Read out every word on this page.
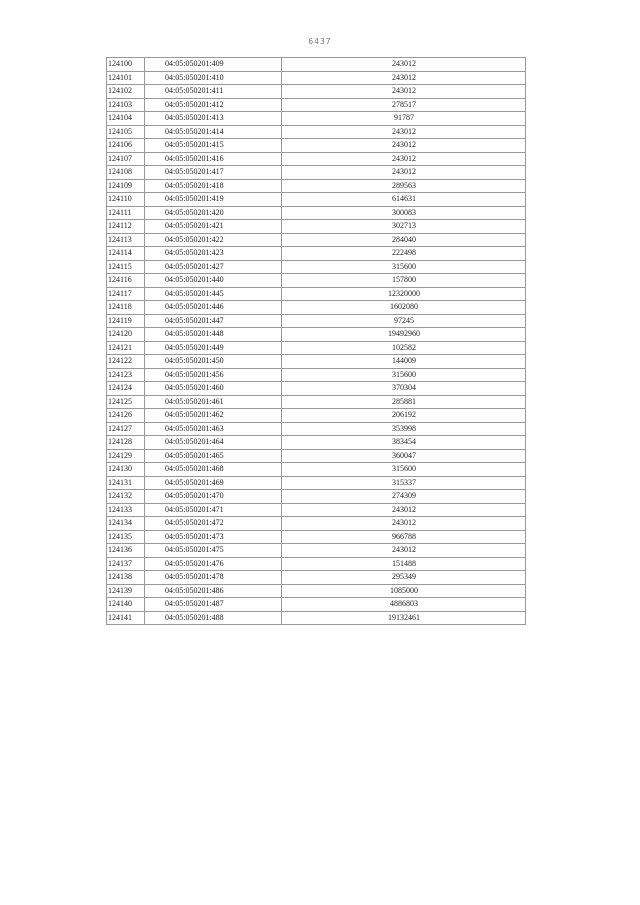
6437
124100	04:05:050201:409	243012
124101	04:05:050201:410	243012
124102	04:05:050201:411	243012
124103	04:05:050201:412	278517
124104	04:05:050201:413	91787
124105	04:05:050201:414	243012
124106	04:05:050201:415	243012
124107	04:05:050201:416	243012
124108	04:05:050201:417	243012
124109	04:05:050201:418	289563
124110	04:05:050201:419	614631
124111	04:05:050201:420	300083
124112	04:05:050201:421	302713
124113	04:05:050201:422	284040
124114	04:05:050201:423	222498
124115	04:05:050201:427	315600
124116	04:05:050201:440	157800
124117	04:05:050201:445	12320000
124118	04:05:050201:446	1602080
124119	04:05:050201:447	97245
124120	04:05:050201:448	19492960
124121	04:05:050201:449	102582
124122	04:05:050201:450	144009
124123	04:05:050201:456	315600
124124	04:05:050201:460	370304
124125	04:05:050201:461	285881
124126	04:05:050201:462	206192
124127	04:05:050201:463	353998
124128	04:05:050201:464	383454
124129	04:05:050201:465	360047
124130	04:05:050201:468	315600
124131	04:05:050201:469	315337
124132	04:05:050201:470	274309
124133	04:05:050201:471	243012
124134	04:05:050201:472	243012
124135	04:05:050201:473	966788
124136	04:05:050201:475	243012
124137	04:05:050201:476	151488
124138	04:05:050201:478	295349
124139	04:05:050201:486	1085000
124140	04:05:050201:487	4886803
124141	04:05:050201:488	19132461
